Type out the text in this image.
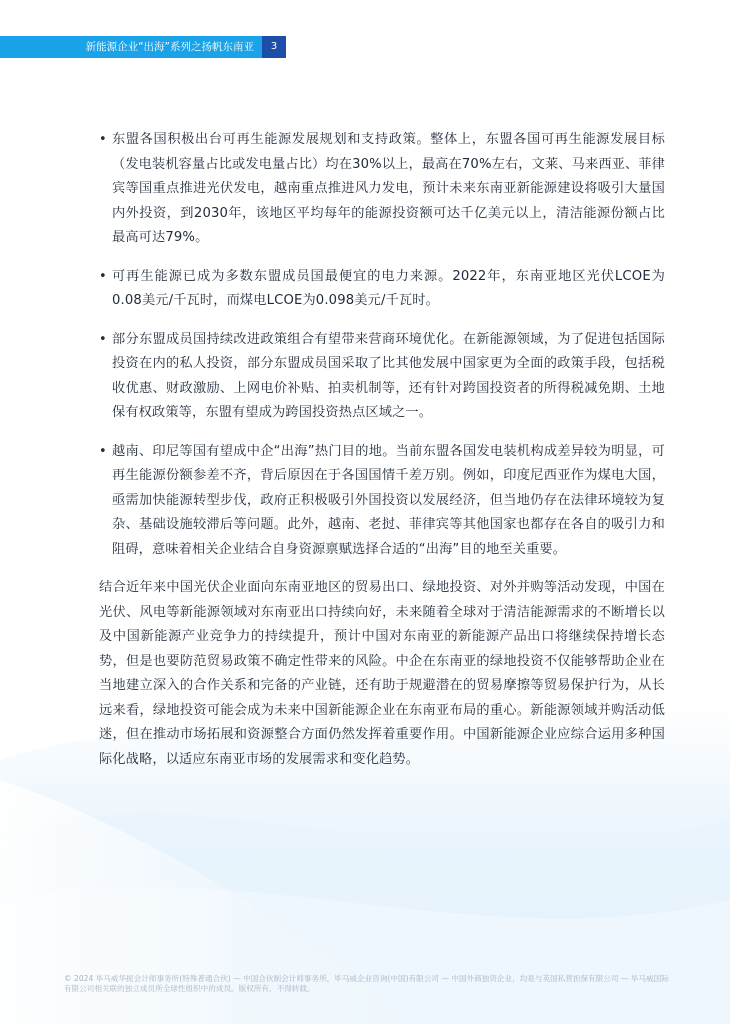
新能源企业“出海”系列之扬帆东南亚	3
• 东盟各国积极出台可再生能源发展规划和支持政策。整体上，东盟各国可再生能源发展目标（发电装机容量占比或发电量占比）均在30%以上，最高在70%左右，文莱、马来西亚、菲律宾等国重点推进光伏发电，越南重点推进风力发电，预计未来东南亚新能源建设将吸引大量国内外投资，到2030年，该地区平均每年的能源投资额可达千亿美元以上，清洁能源份额占比最高可达79%。
• 可再生能源已成为多数东盟成员国最便宜的电力来源。2022年，东南亚地区光伏LCOE为0.08美元/千瓦时，而煤电LCOE为0.098美元/千瓦时。
• 部分东盟成员国持续改进政策组合有望带来营商环境优化。在新能源领域，为了促进包括国际投资在内的私人投资，部分东盟成员国采取了比其他发展中国家更为全面的政策手段，包括税收优惠、财政激励、上网电价补贴、拍卖机制等，还有针对跨国投资者的所得税减免期、土地保有权政策等，东盟有望成为跨国投资热点区域之一。
• 越南、印尼等国有望成中企“出海”热门目的地。当前东盟各国发电装机构成差异较为明显，可再生能源份额参差不齐，背后原因在于各国国情千差万别。例如，印度尼西亚作为煤电大国，亟需加快能源转型步伐，政府正积极吸引外国投资以发展经济，但当地仍存在法律环境较为复杂、基础设施较滞后等问题。此外，越南、老挝、菲律宾等其他国家也都存在各自的吸引力和阻碍，意味着相关企业结合自身资源禀赋选择合适的“出海”目的地至关重要。

结合近年来中国光伏企业面向东南亚地区的贸易出口、绿地投资、对外并购等活动发现，中国在光伏、风电等新能源领域对东南亚出口持续向好，未来随着全球对于清洁能源需求的不断增长以及中国新能源产业竞争力的持续提升，预计中国对东南亚的新能源产品出口将继续保持增长态势，但是也要防范贸易政策不确定性带来的风险。中企在东南亚的绿地投资不仅能够帮助企业在当地建立深入的合作关系和完备的产业链，还有助于规避潜在的贸易摩擦等贸易保护行为，从长远来看，绿地投资可能会成为未来中国新能源企业在东南亚布局的重心。新能源领域并购活动低迷，但在推动市场拓展和资源整合方面仍然发挥着重要作用。中国新能源企业应综合运用多种国际化战略，以适应东南亚市场的发展需求和变化趋势。

© 2024 毕马威华振会计师事务所(特殊普通合伙) — 中国合伙制会计师事务所，毕马威企业咨询(中国)有限公司 — 中国外商独资企业，均是与英国私营担保有限公司 — 毕马威国际有限公司相关联的独立成员所全球性组织中的成员。版权所有，不得转载。
